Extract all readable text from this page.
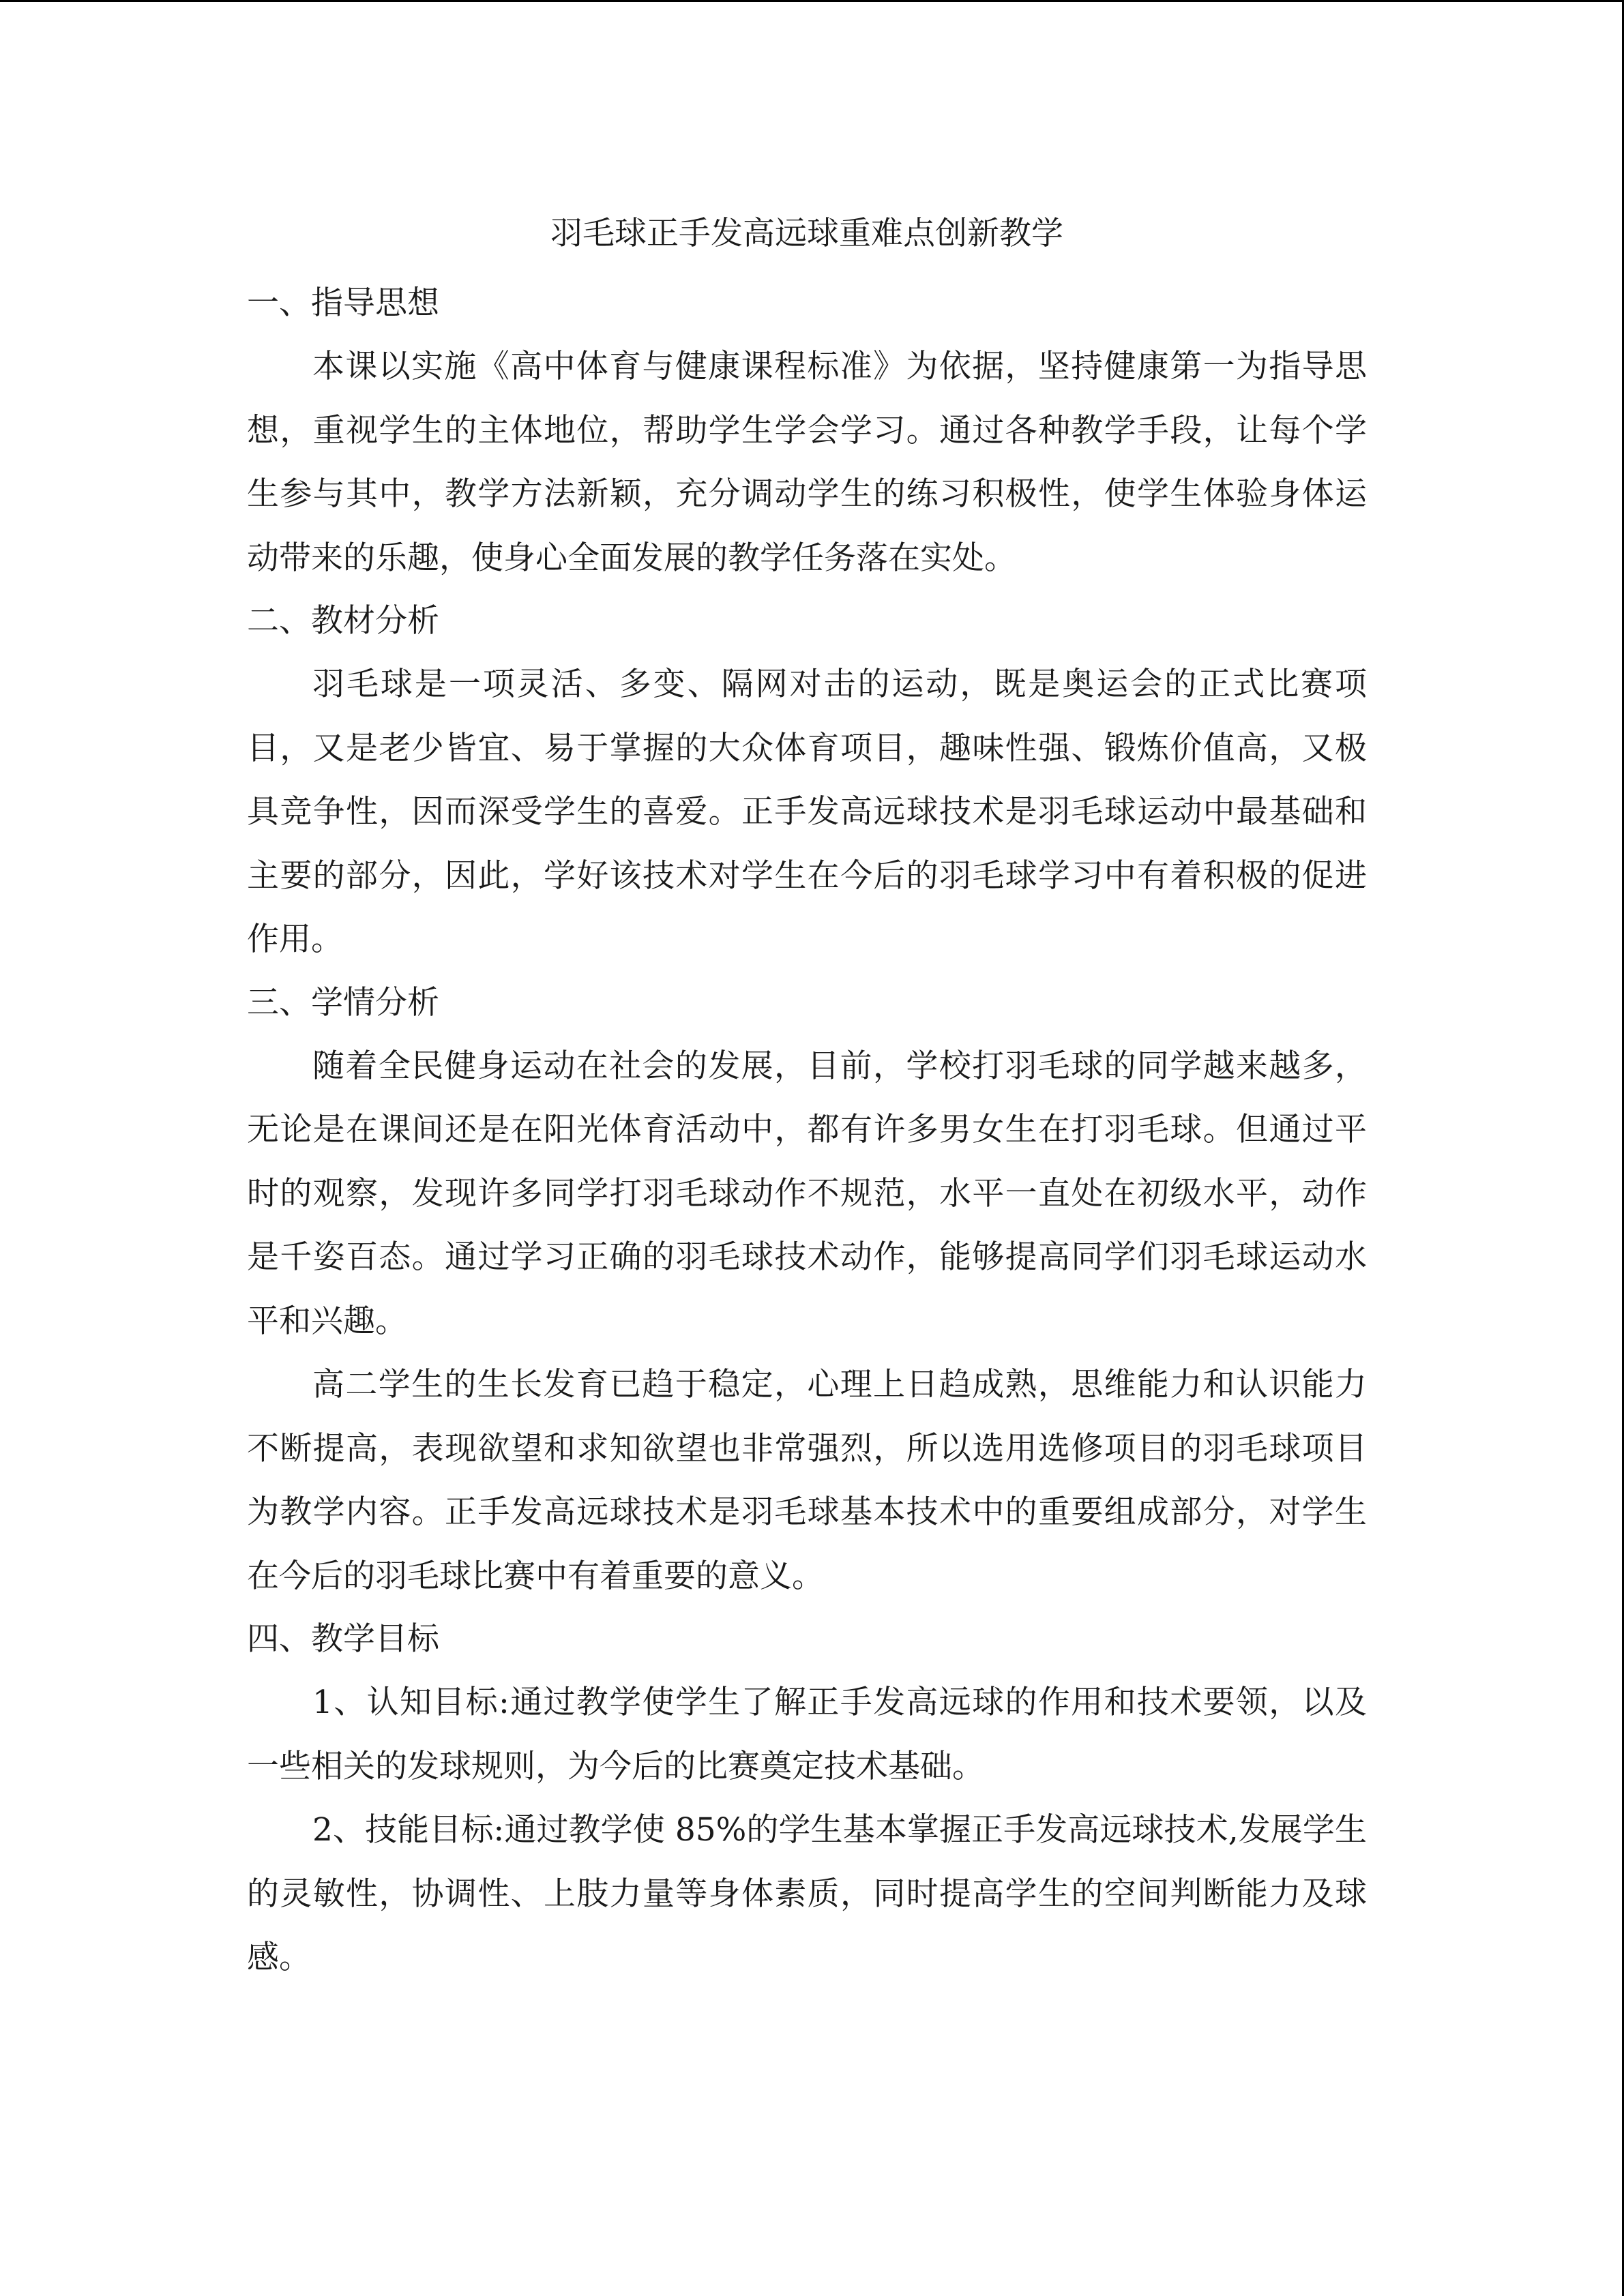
羽毛球正手发高远球重难点创新教学

一、指导思想

本课以实施《高中体育与健康课程标准》为依据，坚持健康第一为指导思想，重视学生的主体地位，帮助学生学会学习。通过各种教学手段，让每个学生参与其中，教学方法新颖，充分调动学生的练习积极性，使学生体验身体运动带来的乐趣，使身心全面发展的教学任务落在实处。

二、教材分析

羽毛球是一项灵活、多变、隔网对击的运动，既是奥运会的正式比赛项目，又是老少皆宜、易于掌握的大众体育项目，趣味性强、锻炼价值高，又极具竞争性，因而深受学生的喜爱。正手发高远球技术是羽毛球运动中最基础和主要的部分，因此，学好该技术对学生在今后的羽毛球学习中有着积极的促进作用。

三、学情分析

随着全民健身运动在社会的发展，目前，学校打羽毛球的同学越来越多，无论是在课间还是在阳光体育活动中，都有许多男女生在打羽毛球。但通过平时的观察，发现许多同学打羽毛球动作不规范，水平一直处在初级水平，动作是千姿百态。通过学习正确的羽毛球技术动作，能够提高同学们羽毛球运动水平和兴趣。

高二学生的生长发育已趋于稳定，心理上日趋成熟，思维能力和认识能力不断提高，表现欲望和求知欲望也非常强烈，所以选用选修项目的羽毛球项目为教学内容。正手发高远球技术是羽毛球基本技术中的重要组成部分，对学生在今后的羽毛球比赛中有着重要的意义。

四、教学目标

1、认知目标:通过教学使学生了解正手发高远球的作用和技术要领，以及一些相关的发球规则，为今后的比赛奠定技术基础。

2、技能目标:通过教学使 85%的学生基本掌握正手发高远球技术,发展学生的灵敏性，协调性、上肢力量等身体素质，同时提高学生的空间判断能力及球感。
